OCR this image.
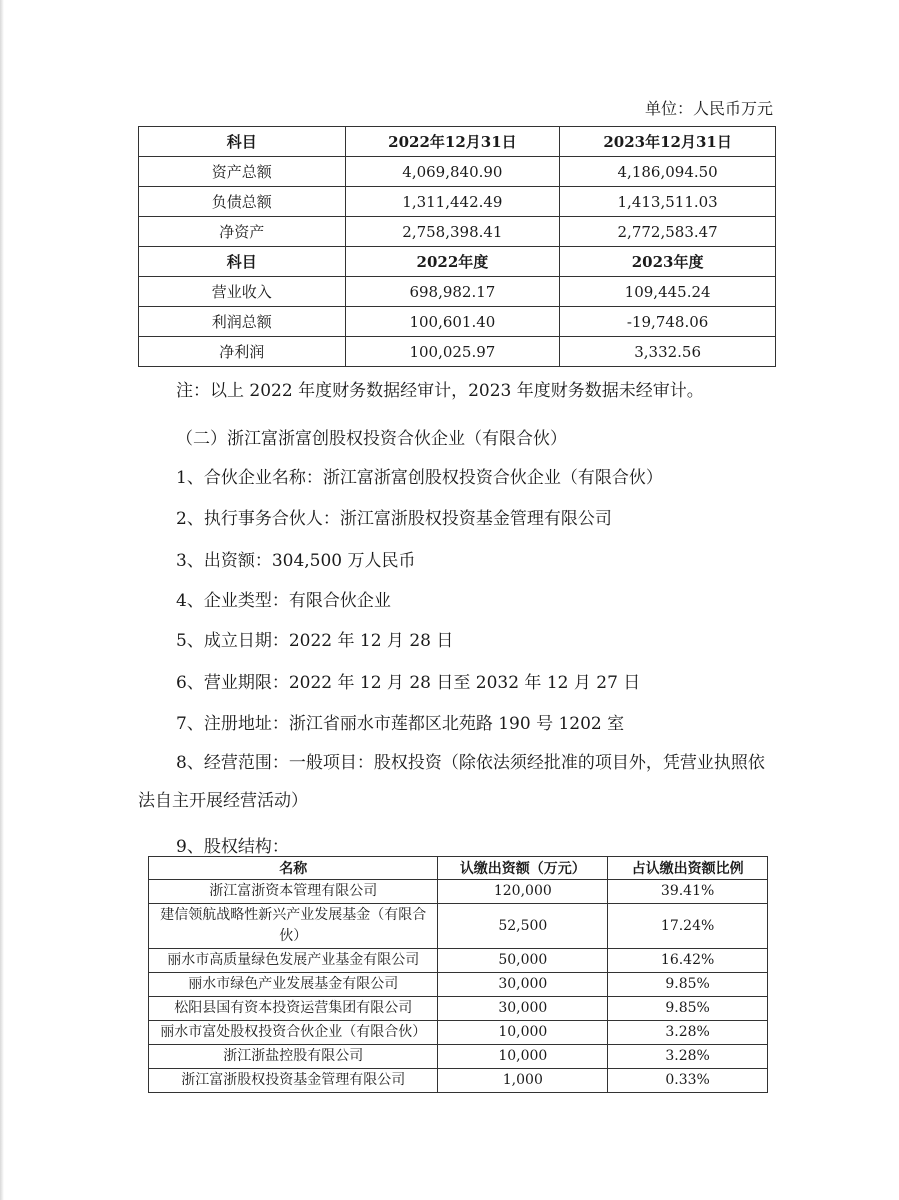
单位：人民币万元
科目	2022年12月31日	2023年12月31日
资产总额	4,069,840.90	4,186,094.50
负债总额	1,311,442.49	1,413,511.03
净资产	2,758,398.41	2,772,583.47
科目	2022年度	2023年度
营业收入	698,982.17	109,445.24
利润总额	100,601.40	-19,748.06
净利润	100,025.97	3,332.56
注：以上 2022 年度财务数据经审计，2023 年度财务数据未经审计。
（二）浙江富浙富创股权投资合伙企业（有限合伙）
1、合伙企业名称：浙江富浙富创股权投资合伙企业（有限合伙）
2、执行事务合伙人：浙江富浙股权投资基金管理有限公司
3、出资额：304,500 万人民币
4、企业类型：有限合伙企业
5、成立日期：2022 年 12 月 28 日
6、营业期限：2022 年 12 月 28 日至 2032 年 12 月 27 日
7、注册地址：浙江省丽水市莲都区北苑路 190 号 1202 室
8、经营范围：一般项目：股权投资（除依法须经批准的项目外，凭营业执照依法自主开展经营活动）
9、股权结构：
名称	认缴出资额（万元）	占认缴出资额比例
浙江富浙资本管理有限公司	120,000	39.41%
建信领航战略性新兴产业发展基金（有限合伙）	52,500	17.24%
丽水市高质量绿色发展产业基金有限公司	50,000	16.42%
丽水市绿色产业发展基金有限公司	30,000	9.85%
松阳县国有资本投资运营集团有限公司	30,000	9.85%
丽水市富处股权投资合伙企业（有限合伙）	10,000	3.28%
浙江浙盐控股有限公司	10,000	3.28%
浙江富浙股权投资基金管理有限公司	1,000	0.33%
